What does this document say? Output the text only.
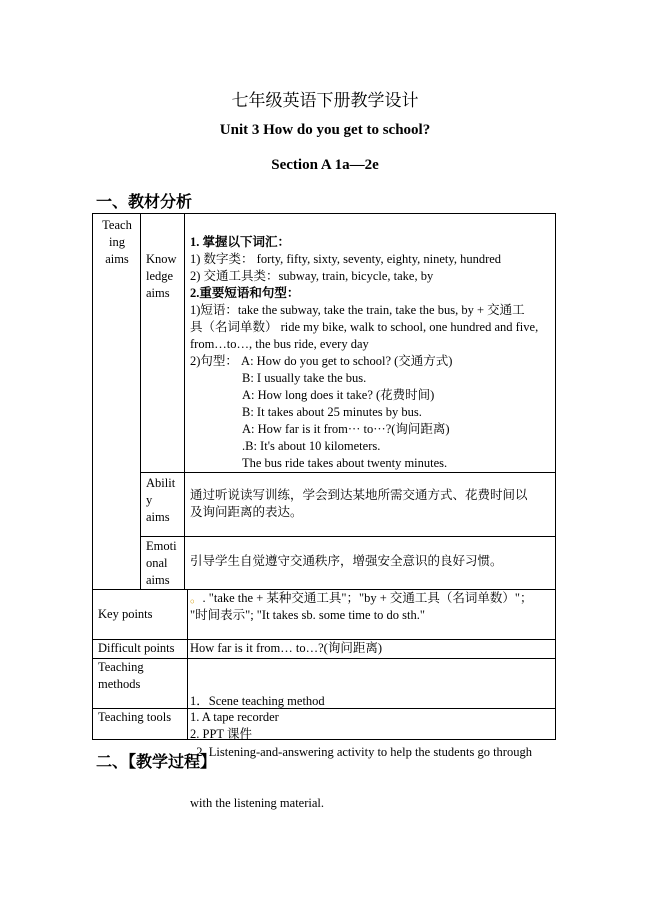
七年级英语下册教学设计
Unit 3 How do you get to school?
Section A 1a—2e
一、教材分析
Teach
ing
aims	Know
ledge
aims
1. 掌握以下词汇：
1) 数字类： forty, fifty, sixty, seventy, eighty, ninety, hundred
2) 交通工具类：subway, train, bicycle, take, by
2.重要短语和句型：
1)短语：take the subway, take the train, take the bus, by + 交通工
具（名词单数） ride my bike, walk to school, one hundred and five,
from…to…, the bus ride, every day
2)句型： A: How do you get to school? (交通方式)
B: I usually take the bus.
A: How long does it take? (花费时间)
B: It takes about 25 minutes by bus.
A: How far is it from··· to···?(询问距离)
.B: It's about 10 kilometers.
The bus ride takes about twenty minutes.
Abilit
y
aims
通过听说读写训练，学会到达某地所需交通方式、花费时间以
及询问距离的表达。
Emoti
onal
aims
引导学生自觉遵守交通秩序，增强安全意识的良好习惯。
Key points
。. "take the + 某种交通工具"；"by + 交通工具（名词单数）"；
"时间表示"; "It takes sb. some time to do sth."
Difficult points How far is it from… to…?(询问距离)
Teaching
methods

1．Scene teaching method

2. Listening-and-answering activity to help the students go through

with the listening material.

Teaching tools 1. A tape recorder
2. PPT 课件
二、【教学过程】
